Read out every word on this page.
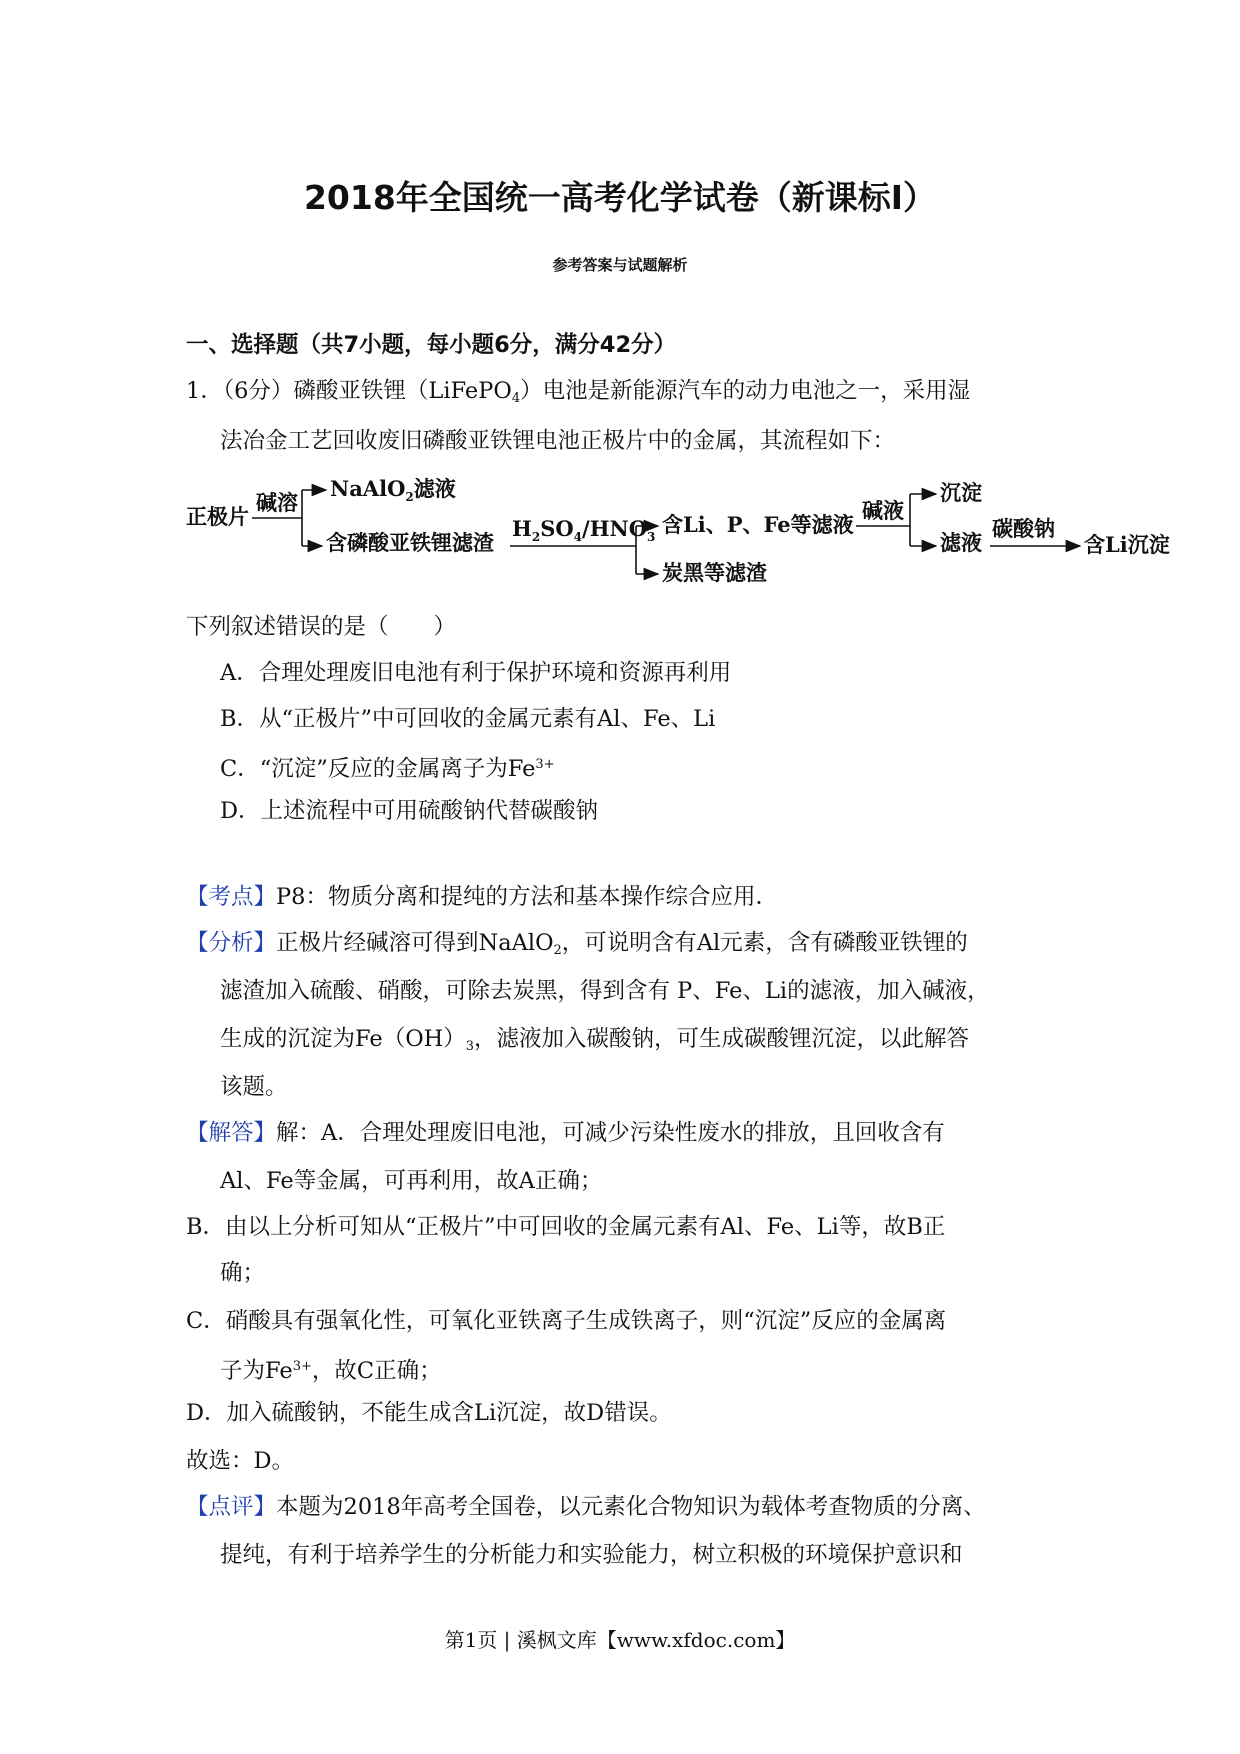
2018年全国统一高考化学试卷（新课标Ⅰ）
参考答案与试题解析
一、选择题（共7小题，每小题6分，满分42分）
1．（6分）磷酸亚铁锂（LiFePO$_4$）电池是新能源汽车的动力电池之一，采用湿
法冶金工艺回收废旧磷酸亚铁锂电池正极片中的金属，其流程如下：
正极片
碱溶
NaAlO$_2$滤液
含磷酸亚铁锂滤渣
$H_2SO_4/HNO_3$ 含Li、P、Fe等滤液
炭黑等滤渣
碱液
沉淀
滤液
碳酸钠
含Li沉淀
下列叙述错误的是（　　）
A．合理处理废旧电池有利于保护环境和资源再利用
B．从“正极片”中可回收的金属元素有Al、Fe、Li
C．“沉淀”反应的金属离子为$Fe^{3+}$
D．上述流程中可用硫酸钠代替碳酸钠
【考点】P8：物质分离和提纯的方法和基本操作综合应用．
【分析】正极片经碱溶可得到NaAlO$_2$，可说明含有Al元素，含有磷酸亚铁锂的
滤渣加入硫酸、硝酸，可除去炭黑，得到含有 P、Fe、Li的滤液，加入碱液，
生成的沉淀为$Fe(OH)_3$，滤液加入碳酸钠，可生成碳酸锂沉淀，以此解答
该题。
【解答】解：A．合理处理废旧电池，可减少污染性废水的排放，且回收含有
Al、Fe等金属，可再利用，故A正确；
B．由以上分析可知从“正极片”中可回收的金属元素有Al、Fe、Li等，故B正
确；
C．硝酸具有强氧化性，可氧化亚铁离子生成铁离子，则“沉淀”反应的金属离
子为$Fe^{3+}$，故C正确；
D．加入硫酸钠，不能生成含Li沉淀，故D错误。
故选：D。
【点评】本题为2018年高考全国卷，以元素化合物知识为载体考查物质的分离、
提纯，有利于培养学生的分析能力和实验能力，树立积极的环境保护意识和
第1页 | 溪枫文库【www.xfdoc.com】
